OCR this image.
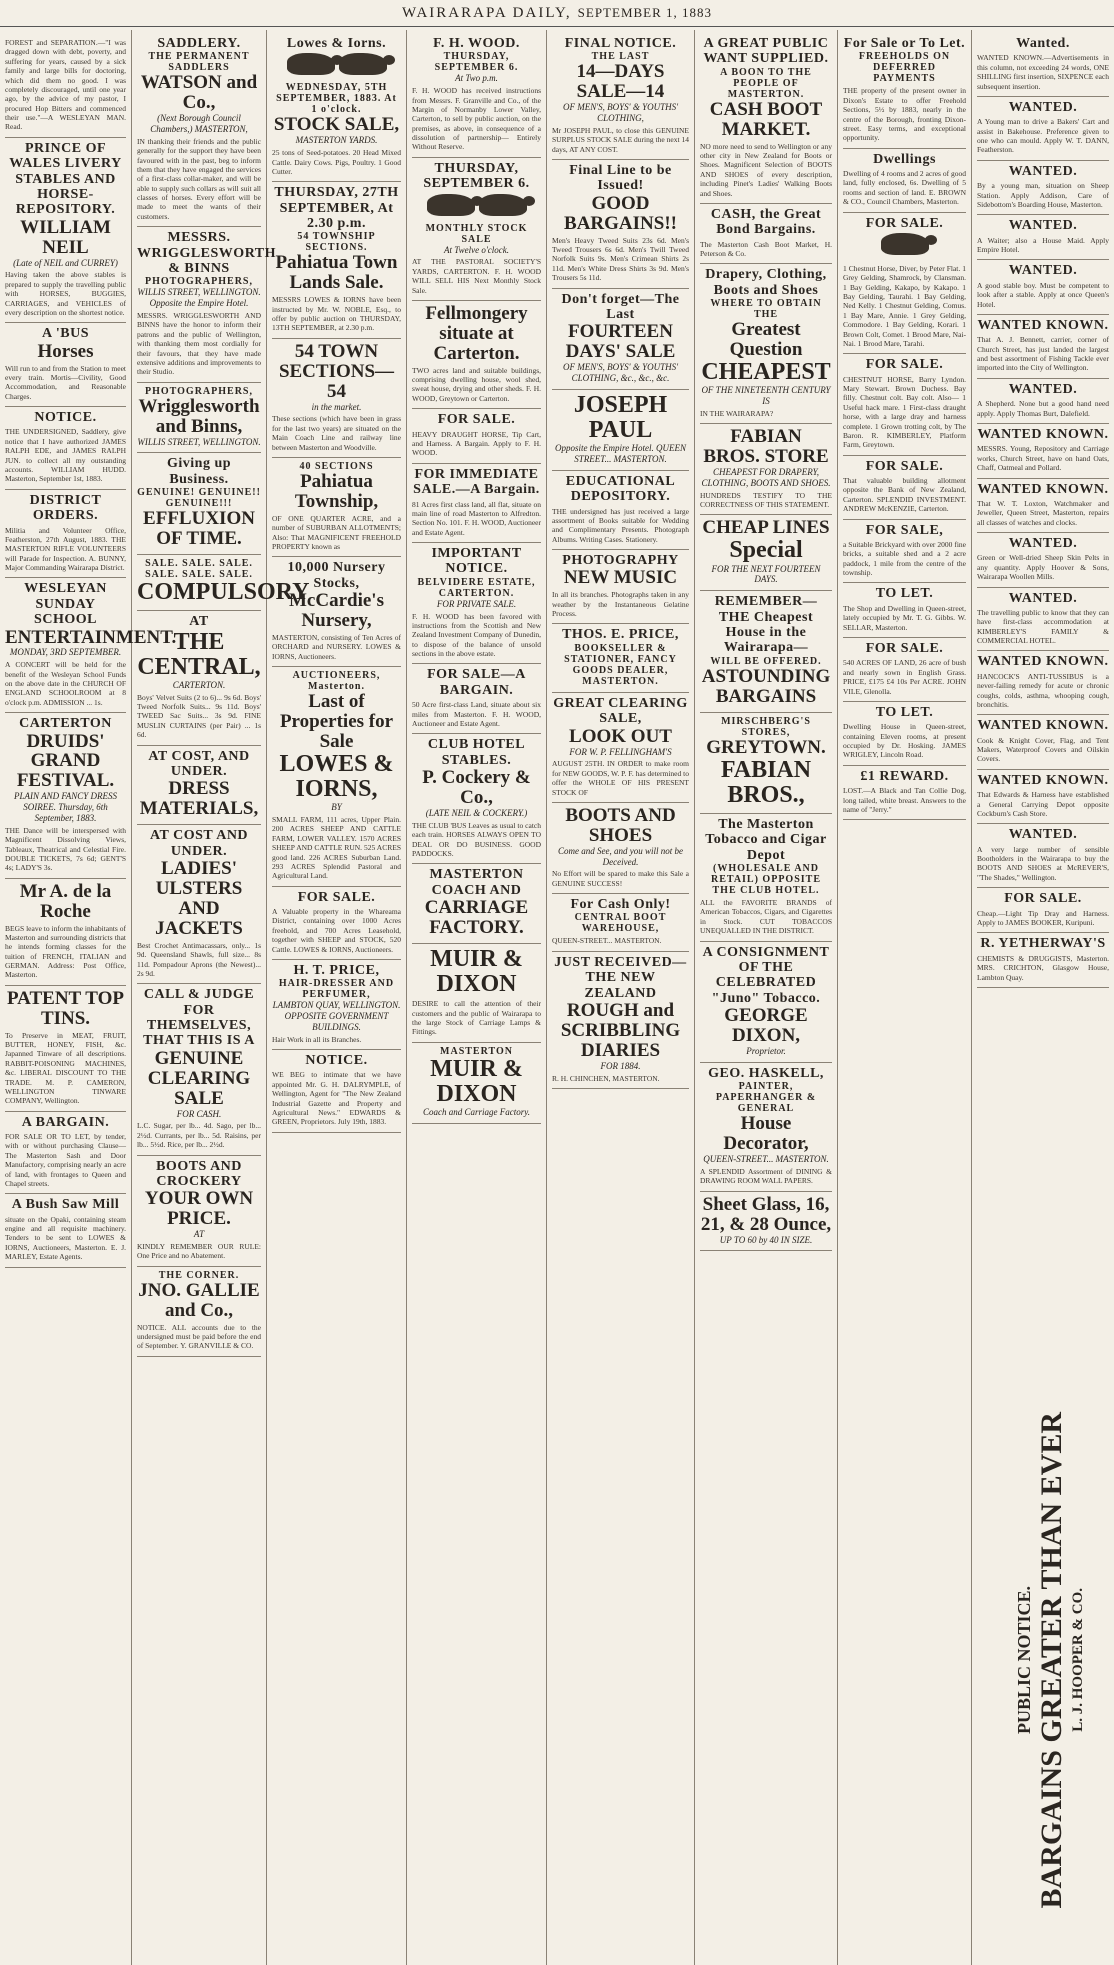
WAIRARAPA DAILY, SEPTEMBER 1, 1883
FOREST and SEPARATION.—"I was dragged down with debt, poverty, and suffering for years, caused by a sick family and large bills for doctoring, which did them no good. I was completely discouraged, until one year ago, by the advice of my pastor, I procured Hop Bitters and commenced their use."—A WESLEYAN MAN. Read.
PRINCE OF WALES LIVERY STABLES AND HORSE-REPOSITORY.
WILLIAM NEIL
(Late of NEIL and CURREY)
Having taken the above stables is prepared to supply the travelling public with HORSES, BUGGIES, CARRIAGES, and VEHICLES of every description on the shortest notice.
A 'BUS
Horses
Will run to and from the Station to meet every train. Mortis—Civility, Good Accommodation, and Reasonable Charges.
NOTICE.
THE UNDERSIGNED, Saddlery, give notice that I have authorized JAMES RALPH EDE, and JAMES RALPH JUN. to collect all my outstanding accounts. WILLIAM HUDD. Masterton, September 1st, 1883.
DISTRICT ORDERS.
Militia and Volunteer Office, Featherston, 27th August, 1883. THE MASTERTON RIFLE VOLUNTEERS will Parade for Inspection. A. BUNNY, Major Commanding Wairarapa District.
WESLEYAN SUNDAY SCHOOL
ENTERTAINMENT.
MONDAY, 3RD SEPTEMBER.
A CONCERT will be held for the benefit of the Wesleyan School Funds on the above date in the CHURCH OF ENGLAND SCHOOLROOM at 8 o'clock p.m. ADMISSION ... 1s.
CARTERTON
DRUIDS' GRAND FESTIVAL.
PLAIN AND FANCY DRESS SOIREE. Thursday, 6th September, 1883.
THE Dance will be interspersed with Magnificent Dissolving Views, Tableaux, Theatrical and Celestial Fire. DOUBLE TICKETS, 7s 6d; GENT'S 4s; LADY'S 3s.
Mr A. de la Roche
BEGS leave to inform the inhabitants of Masterton and surrounding districts that he intends forming classes for the tuition of FRENCH, ITALIAN and GERMAN. Address: Post Office, Masterton.
PATENT TOP TINS.
To Preserve in MEAT, FRUIT, BUTTER, HONEY, FISH, &c. Japanned Tinware of all descriptions. RABBIT-POISONING MACHINES, &c. LIBERAL DISCOUNT TO THE TRADE. M. P. CAMERON, WELLINGTON TINWARE COMPANY, Wellington.
A BARGAIN.
FOR SALE OR TO LET, by tender, with or without purchasing Clause— The Masterton Sash and Door Manufactory, comprising nearly an acre of land, with frontages to Queen and Chapel streets.
A Bush Saw Mill
situate on the Opaki, containing steam engine and all requisite machinery. Tenders to be sent to LOWES & IORNS, Auctioneers, Masterton. E. J. MARLEY, Estate Agents.
SADDLERY.
THE PERMANENT SADDLERS
WATSON and Co.,
(Next Borough Council Chambers,) MASTERTON,
IN thanking their friends and the public generally for the support they have been favoured with in the past, beg to inform them that they have engaged the services of a first-class collar-maker, and will be able to supply such collars as will suit all classes of horses. Every effort will be made to meet the wants of their customers.
MESSRS. WRIGGLESWORTH & BINNS
PHOTOGRAPHERS,
WILLIS STREET, WELLINGTON. Opposite the Empire Hotel.
MESSRS. WRIGGLESWORTH AND BINNS have the honor to inform their patrons and the public of Wellington, with thanking them most cordially for their favours, that they have made extensive additions and improvements to their Studio.
PHOTOGRAPHERS,
Wrigglesworth and Binns,
WILLIS STREET, WELLINGTON.
Giving up Business.
GENUINE! GENUINE!! GENUINE!!!
EFFLUXION OF TIME.
SALE. SALE. SALE. SALE. SALE. SALE.
COMPULSORY
AT
THE CENTRAL,
CARTERTON.
Boys' Velvet Suits (2 to 6)... 9s 6d. Boys' Tweed Norfolk Suits... 9s 11d. Boys' TWEED Sac Suits... 3s 9d. FINE MUSLIN CURTAINS (per Pair) ... 1s 6d.
AT COST, AND UNDER.
DRESS MATERIALS,
AT COST AND UNDER.
LADIES' ULSTERS AND JACKETS
Best Crochet Antimacassars, only... 1s 9d. Queensland Shawls, full size... 8s 11d. Pompadour Aprons (the Newest)... 2s 9d.
CALL & JUDGE FOR THEMSELVES, THAT THIS IS A
GENUINE CLEARING SALE
FOR CASH.
L.C. Sugar, per lb... 4d. Sago, per lb... 2½d. Currants, per lb... 5d. Raisins, per lb... 5½d. Rice, per lb... 2½d.
BOOTS AND CROCKERY
YOUR OWN PRICE.
AT
KINDLY REMEMBER OUR RULE: One Price and no Abatement.
THE CORNER.
JNO. GALLIE and Co.,
NOTICE. ALL accounts due to the undersigned must be paid before the end of September. Y. GRANVILLE & CO.
Lowes & Iorns.
WEDNESDAY, 5TH SEPTEMBER, 1883. At 1 o'clock.
STOCK SALE,
MASTERTON YARDS.
25 tons of Seed-potatoes. 20 Head Mixed Cattle. Dairy Cows. Pigs, Poultry. 1 Good Cutter.
THURSDAY, 27TH SEPTEMBER, At 2.30 p.m.
54 TOWNSHIP SECTIONS.
Pahiatua Town Lands Sale.
MESSRS LOWES & IORNS have been instructed by Mr. W. NOBLE, Esq., to offer by public auction on THURSDAY, 13TH SEPTEMBER, at 2.30 p.m.
54 TOWN SECTIONS—54
in the market.
These sections (which have been in grass for the last two years) are situated on the Main Coach Line and railway line between Masterton and Woodville.
40 SECTIONS
Pahiatua Township,
OF ONE QUARTER ACRE, and a number of SUBURBAN ALLOTMENTS; Also: That MAGNIFICENT FREEHOLD PROPERTY known as
10,000 Nursery Stocks,
McCardie's Nursery,
MASTERTON, consisting of Ten Acres of ORCHARD and NURSERY. LOWES & IORNS, Auctioneers.
AUCTIONEERS, Masterton.
Last of Properties for Sale
LOWES & IORNS,
BY
SMALL FARM, 111 acres, Upper Plain. 200 ACRES SHEEP AND CATTLE FARM, LOWER VALLEY. 1570 ACRES SHEEP AND CATTLE RUN. 525 ACRES good land. 226 ACRES Suburban Land. 293 ACRES Splendid Pastoral and Agricultural Land.
FOR SALE.
A Valuable property in the Whareama District, containing over 1000 Acres freehold, and 700 Acres Leasehold, together with SHEEP and STOCK, 520 Cattle. LOWES & IORNS, Auctioneers.
H. T. PRICE,
HAIR-DRESSER AND PERFUMER,
LAMBTON QUAY, WELLINGTON. OPPOSITE GOVERNMENT BUILDINGS.
Hair Work in all its Branches.
NOTICE.
WE BEG to intimate that we have appointed Mr. G. H. DALRYMPLE, of Wellington, Agent for "The New Zealand Industrial Gazette and Property and Agricultural News." EDWARDS & GREEN, Proprietors. July 19th, 1883.
F. H. WOOD.
THURSDAY, SEPTEMBER 6.
At Two p.m.
F. H. WOOD has received instructions from Messrs. F. Granville and Co., of the Margin of Normanby Lower Valley, Carterton, to sell by public auction, on the premises, as above, in consequence of a dissolution of partnership— Entirely Without Reserve.
THURSDAY, SEPTEMBER 6.
MONTHLY STOCK SALE
At Twelve o'clock.
AT THE PASTORAL SOCIETY'S YARDS, CARTERTON. F. H. WOOD WILL SELL HIS Next Monthly Stock Sale.
Fellmongery situate at Carterton.
TWO acres land and suitable buildings, comprising dwelling house, wool shed, sweat house, drying and other sheds. F. H. WOOD, Greytown or Carterton.
FOR SALE.
HEAVY DRAUGHT HORSE, Tip Cart, and Harness. A Bargain. Apply to F. H. WOOD.
FOR IMMEDIATE SALE.—A Bargain.
81 Acres first class land, all flat, situate on main line of road Masterton to Alfredton. Section No. 101. F. H. WOOD, Auctioneer and Estate Agent.
IMPORTANT NOTICE.
BELVIDERE ESTATE, CARTERTON.
FOR PRIVATE SALE.
F. H. WOOD has been favored with instructions from the Scottish and New Zealand Investment Company of Dunedin, to dispose of the balance of unsold sections in the above estate.
FOR SALE—A BARGAIN.
50 Acre first-class Land, situate about six miles from Masterton. F. H. WOOD, Auctioneer and Estate Agent.
CLUB HOTEL STABLES.
P. Cockery & Co.,
(LATE NEIL & COCKERY.)
THE CLUB 'BUS Leaves as usual to catch each train. HORSES ALWAYS OPEN TO DEAL OR DO BUSINESS. GOOD PADDOCKS.
MASTERTON COACH AND
CARRIAGE FACTORY.
MUIR & DIXON
DESIRE to call the attention of their customers and the public of Wairarapa to the large Stock of Carriage Lamps & Fittings.
MASTERTON
MUIR & DIXON
Coach and Carriage Factory.
FINAL NOTICE.
THE LAST
14—DAYS SALE—14
OF MEN'S, BOYS' & YOUTHS' CLOTHING,
Mr JOSEPH PAUL, to close this GENUINE SURPLUS STOCK SALE during the next 14 days, AT ANY COST.
Final Line to be Issued!
GOOD BARGAINS!!
Men's Heavy Tweed Suits 23s 6d. Men's Tweed Trousers 6s 6d. Men's Twill Tweed Norfolk Suits 9s. Men's Crimean Shirts 2s 11d. Men's White Dress Shirts 3s 9d. Men's Trousers 5s 11d.
Don't forget—The Last
FOURTEEN DAYS' SALE
OF MEN'S, BOYS' & YOUTHS' CLOTHING, &c., &c., &c.
JOSEPH PAUL
Opposite the Empire Hotel. QUEEN STREET... MASTERTON.
EDUCATIONAL DEPOSITORY.
THE undersigned has just received a large assortment of Books suitable for Wedding and Complimentary Presents. Photograph Albums. Writing Cases. Stationery.
PHOTOGRAPHY
NEW MUSIC
In all its branches. Photographs taken in any weather by the Instantaneous Gelatine Process.
THOS. E. PRICE,
BOOKSELLER & STATIONER, FANCY GOODS DEALER, MASTERTON.
GREAT CLEARING SALE,
LOOK OUT
FOR W. P. FELLINGHAM'S
AUGUST 25TH. IN ORDER to make room for NEW GOODS, W. P. F. has determined to offer the WHOLE OF HIS PRESENT STOCK OF
BOOTS AND SHOES
Come and See, and you will not be Deceived.
No Effort will be spared to make this Sale a GENUINE SUCCESS!
For Cash Only!
CENTRAL BOOT WAREHOUSE,
QUEEN-STREET... MASTERTON.
JUST RECEIVED—THE NEW ZEALAND
ROUGH and SCRIBBLING DIARIES
FOR 1884.
R. H. CHINCHEN, MASTERTON.
A GREAT PUBLIC WANT SUPPLIED.
A BOON TO THE PEOPLE OF MASTERTON.
CASH BOOT MARKET.
NO more need to send to Wellington or any other city in New Zealand for Boots or Shoes. Magnificent Selection of BOOTS AND SHOES of every description, including Pinet's Ladies' Walking Boots and Shoes.
CASH, the Great Bond Bargains.
The Masterton Cash Boot Market, H. Peterson & Co.
Drapery, Clothing, Boots and Shoes
WHERE TO OBTAIN THE
Greatest Question
CHEAPEST
OF THE NINETEENTH CENTURY IS
IN THE WAIRARAPA?
FABIAN BROS. STORE
CHEAPEST FOR DRAPERY, CLOTHING, BOOTS AND SHOES.
HUNDREDS TESTIFY TO THE CORRECTNESS OF THIS STATEMENT.
CHEAP LINES
Special
FOR THE NEXT FOURTEEN DAYS.
REMEMBER—THE Cheapest House in the Wairarapa—
WILL BE OFFERED.
ASTOUNDING BARGAINS
MIRSCHBERG'S STORES,
GREYTOWN.
FABIAN BROS.,
The Masterton Tobacco and Cigar Depot
(WHOLESALE AND RETAIL) OPPOSITE THE CLUB HOTEL.
ALL the FAVORITE BRANDS of American Tobaccos, Cigars, and Cigarettes in Stock. CUT TOBACCOS UNEQUALLED IN THE DISTRICT.
A CONSIGNMENT OF THE CELEBRATED "Juno" Tobacco.
GEORGE DIXON,
Proprietor.
GEO. HASKELL,
PAINTER, PAPERHANGER & GENERAL
House Decorator,
QUEEN-STREET... MASTERTON.
A SPLENDID Assortment of DINING & DRAWING ROOM WALL PAPERS.
Sheet Glass, 16, 21, & 28 Ounce,
UP TO 60 by 40 IN SIZE.
For Sale or To Let.
FREEHOLDS ON DEFERRED PAYMENTS
THE property of the present owner in Dixon's Estate to offer Freehold Sections, 5½ by 1883, nearly in the centre of the Borough, fronting Dixon-street. Easy terms, and exceptional opportunity.
Dwellings
Dwelling of 4 rooms and 2 acres of good land, fully enclosed, 6s. Dwelling of 5 rooms and section of land. E. BROWN & CO., Council Chambers, Masterton.
FOR SALE.
1 Chestnut Horse, Diver, by Peter Flat. 1 Grey Gelding, Shamrock, by Clansman. 1 Bay Gelding, Kakapo, by Kakapo. 1 Bay Gelding, Taurahi. 1 Bay Gelding, Ned Kelly. 1 Chestnut Gelding, Comus. 1 Bay Mare, Annie. 1 Grey Gelding, Commodore. 1 Bay Gelding, Korari. 1 Brown Colt, Comet. 1 Brood Mare, Nai-Nai. 1 Brood Mare, Tarahi.
FOR SALE.
CHESTNUT HORSE, Barry Lyndon. Mary Stewart. Brown Duchess. Bay filly. Chestnut colt. Bay colt. Also— 1 Useful hack mare. 1 First-class draught horse, with a large dray and harness complete. 1 Grown trotting colt, by The Baron. R. KIMBERLEY, Platform Farm, Greytown.
FOR SALE.
That valuable building allotment opposite the Bank of New Zealand, Carterton. SPLENDID INVESTMENT. ANDREW McKENZIE, Carterton.
FOR SALE,
a Suitable Brickyard with over 2000 fine bricks, a suitable shed and a 2 acre paddock, 1 mile from the centre of the township.
TO LET.
The Shop and Dwelling in Queen-street, lately occupied by Mr. T. G. Gibbs. W. SELLAR, Masterton.
FOR SALE.
540 ACRES OF LAND, 26 acre of bush and nearly sown in English Grass. PRICE, £175 £4 10s Per ACRE. JOHN VILE, Glenolla.
TO LET.
Dwelling House in Queen-street, containing Eleven rooms, at present occupied by Dr. Hosking. JAMES WRIGLEY, Lincoln Road.
£1 REWARD.
LOST.—A Black and Tan Collie Dog, long tailed, white breast. Answers to the name of "Jerry."
Wanted.
WANTED KNOWN.—Advertisements in this column, not exceeding 24 words, ONE SHILLING first insertion, SIXPENCE each subsequent insertion.
WANTED.
A Young man to drive a Bakers' Cart and assist in Bakehouse. Preference given to one who can mould. Apply W. T. DANN, Featherston.
WANTED.
By a young man, situation on Sheep Station. Apply Addison, Care of Sidebottom's Boarding House, Masterton.
WANTED.
A Waiter; also a House Maid. Apply Empire Hotel.
WANTED.
A good stable boy. Must be competent to look after a stable. Apply at once Queen's Hotel.
WANTED KNOWN.
That A. J. Bennett, carrier, corner of Church Street, has just landed the largest and best assortment of Fishing Tackle ever imported into the City of Wellington.
WANTED.
A Shepherd. None but a good hand need apply. Apply Thomas Burt, Dalefield.
WANTED KNOWN.
MESSRS. Young, Repository and Carriage works, Church Street, have on hand Oats, Chaff, Oatmeal and Pollard.
WANTED KNOWN.
That W. T. Loxton, Watchmaker and Jeweller, Queen Street, Masterton, repairs all classes of watches and clocks.
WANTED.
Green or Well-dried Sheep Skin Pelts in any quantity. Apply Hoover & Sons, Wairarapa Woollen Mills.
WANTED.
The travelling public to know that they can have first-class accommodation at KIMBERLEY'S FAMILY & COMMERCIAL HOTEL.
WANTED KNOWN.
HANCOCK'S ANTI-TUSSIBUS is a never-failing remedy for acute or chronic coughs, colds, asthma, whooping cough, bronchitis.
WANTED KNOWN.
Cook & Knight Cover, Flag, and Tent Makers, Waterproof Covers and Oilskin Covers.
WANTED KNOWN.
That Edwards & Harness have established a General Carrying Depot opposite Cockburn's Cash Store.
WANTED.
A very large number of sensible Bootholders in the Wairarapa to buy the BOOTS AND SHOES at McREVER'S, "The Shades," Wellington.
FOR SALE.
Cheap.—Light Tip Dray and Harness. Apply to JAMES BOOKER, Kuripuni.
R. YETHERWAY'S
CHEMISTS & DRUGGISTS, Masterton. MRS. CRICHTON, Glasgow House, Lambton Quay.
PUBLIC NOTICE. BARGAINS GREATER THAN EVER L. J. HOOPER & CO.
